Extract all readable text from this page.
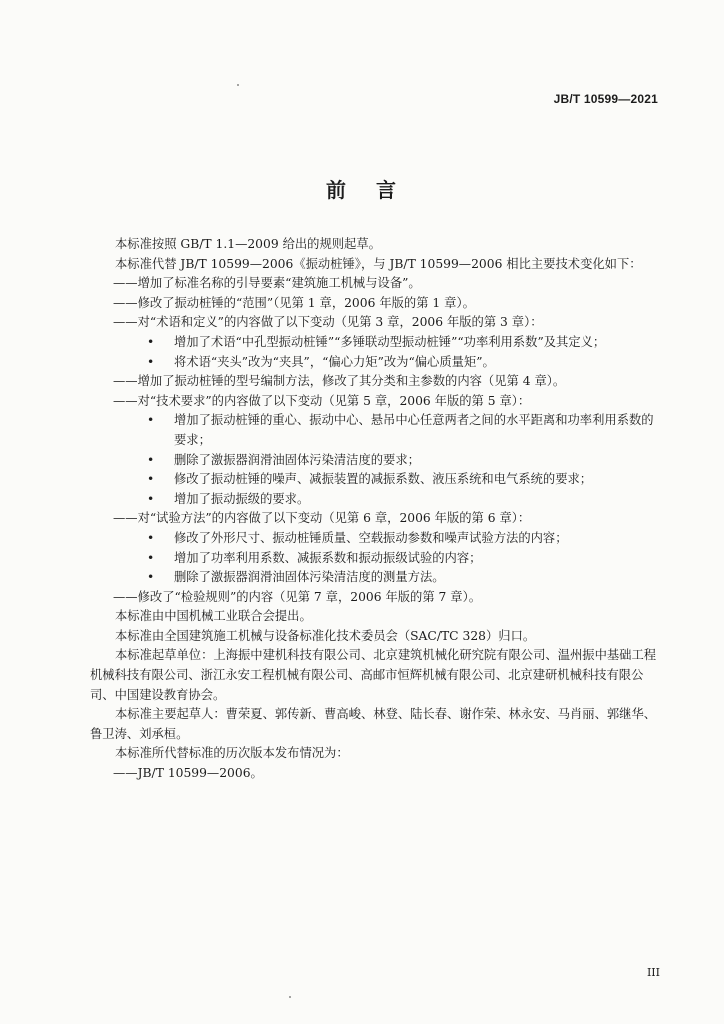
JB/T 10599—2021
前言

本标准按照 GB/T 1.1—2009 给出的规则起草。

本标准代替 JB/T 10599—2006《振动桩锤》，与 JB/T 10599—2006 相比主要技术变化如下：

——增加了标准名称的引导要素“建筑施工机械与设备”。

——修改了振动桩锤的“范围”（见第 1 章，2006 年版的第 1 章）。

——对“术语和定义”的内容做了以下变动（见第 3 章，2006 年版的第 3 章）：

• 增加了术语“中孔型振动桩锤”“多锤联动型振动桩锤”“功率利用系数”及其定义；

• 将术语“夹头”改为“夹具”，“偏心力矩”改为“偏心质量矩”。

——增加了振动桩锤的型号编制方法，修改了其分类和主参数的内容（见第 4 章）。

——对“技术要求”的内容做了以下变动（见第 5 章，2006 年版的第 5 章）：

• 增加了振动桩锤的重心、振动中心、悬吊中心任意两者之间的水平距离和功率利用系数的要求；

• 删除了激振器润滑油固体污染清洁度的要求；

• 修改了振动桩锤的噪声、减振装置的减振系数、液压系统和电气系统的要求；

• 增加了振动振级的要求。

——对“试验方法”的内容做了以下变动（见第 6 章，2006 年版的第 6 章）：

• 修改了外形尺寸、振动桩锤质量、空载振动参数和噪声试验方法的内容；

• 增加了功率利用系数、减振系数和振动振级试验的内容；

• 删除了激振器润滑油固体污染清洁度的测量方法。

——修改了“检验规则”的内容（见第 7 章，2006 年版的第 7 章）。

本标准由中国机械工业联合会提出。

本标准由全国建筑施工机械与设备标准化技术委员会（SAC/TC 328）归口。

本标准起草单位：上海振中建机科技有限公司、北京建筑机械化研究院有限公司、温州振中基础工程机械科技有限公司、浙江永安工程机械有限公司、高邮市恒辉机械有限公司、北京建研机械科技有限公司、中国建设教育协会。

本标准主要起草人：曹荣夏、郭传新、曹高峻、林登、陆长春、谢作荣、林永安、马肖丽、郭继华、鲁卫涛、刘承桓。

本标准所代替标准的历次版本发布情况为：

——JB/T 10599—2006。

III
